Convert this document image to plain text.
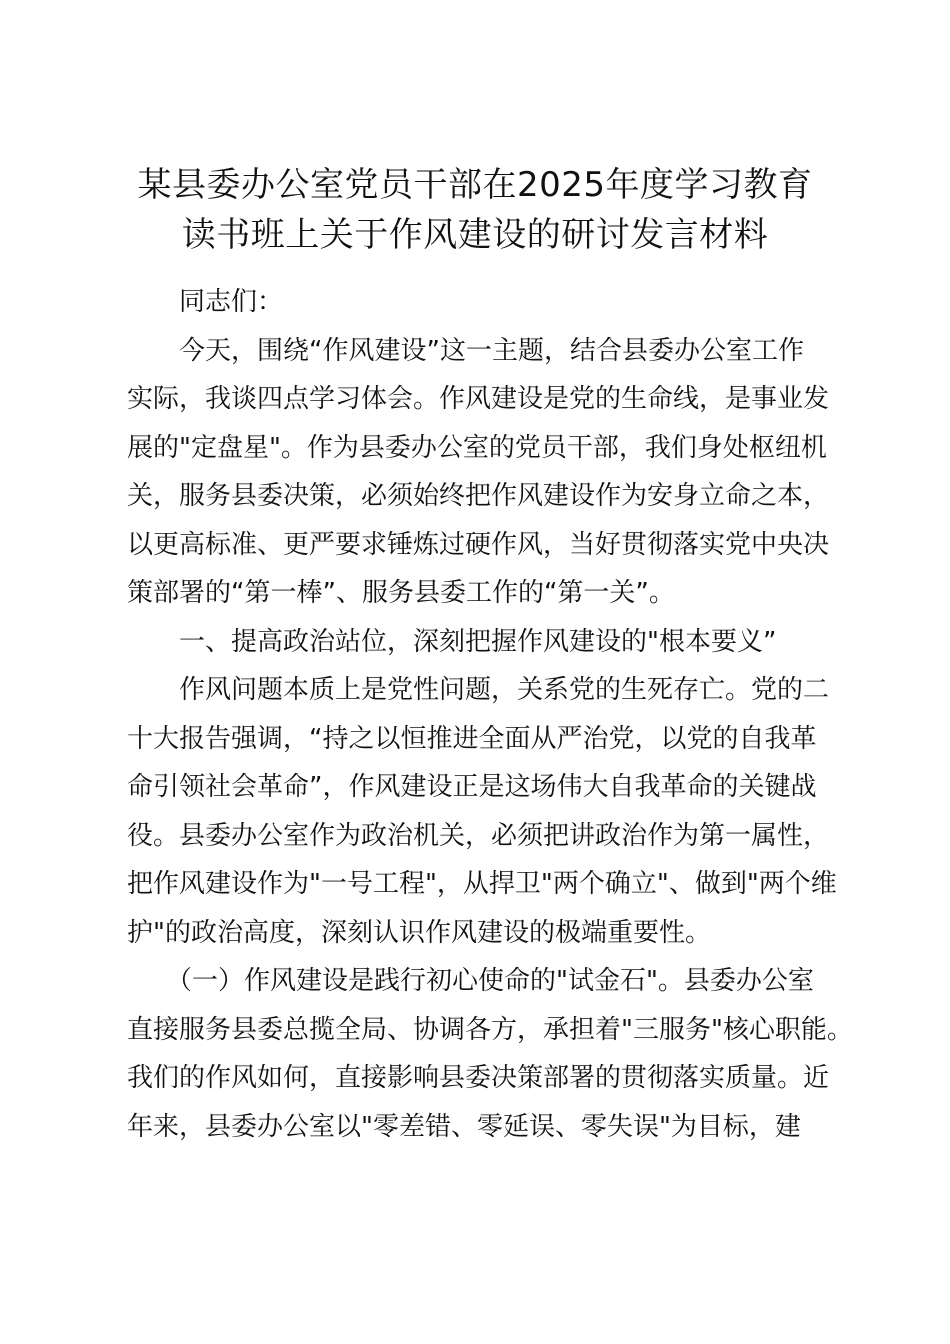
某县委办公室党员干部在2025年度学习教育
读书班上关于作风建设的研讨发言材料

　　同志们：

　　今天，围绕“作风建设”这一主题，结合县委办公室工作
实际，我谈四点学习体会。作风建设是党的生命线，是事业发
展的"定盘星"。作为县委办公室的党员干部，我们身处枢纽机
关，服务县委决策，必须始终把作风建设作为安身立命之本，
以更高标准、更严要求锤炼过硬作风，当好贯彻落实党中央决
策部署的“第一棒”、服务县委工作的“第一关”。

　　一、提高政治站位，深刻把握作风建设的"根本要义”

　　作风问题本质上是党性问题，关系党的生死存亡。党的二
十大报告强调，“持之以恒推进全面从严治党，以党的自我革
命引领社会革命”，作风建设正是这场伟大自我革命的关键战
役。县委办公室作为政治机关，必须把讲政治作为第一属性，
把作风建设作为"一号工程"，从捍卫"两个确立"、做到"两个维
护"的政治高度，深刻认识作风建设的极端重要性。

　　（一）作风建设是践行初心使命的"试金石"。县委办公室
直接服务县委总揽全局、协调各方，承担着"三服务"核心职能。
我们的作风如何，直接影响县委决策部署的贯彻落实质量。近
年来，县委办公室以"零差错、零延误、零失误"为目标，建
